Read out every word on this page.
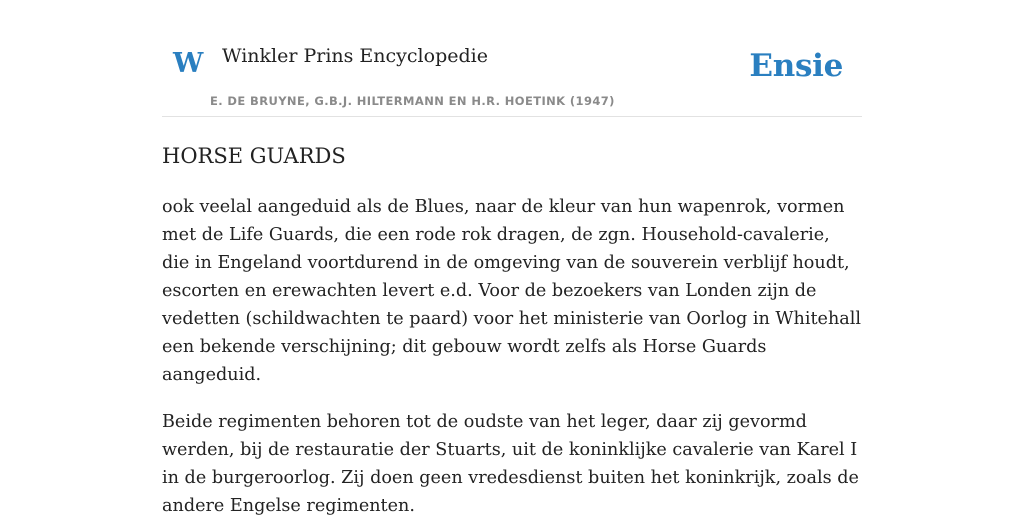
W Winkler Prins Encyclopedie
E. DE BRUYNE, G.B.J. HILTERMANN EN H.R. HOETINK (1947)
Ensie
HORSE GUARDS

ook veelal aangeduid als de Blues, naar de kleur van hun wapenrok, vormen met de Life Guards, die een rode rok dragen, de zgn. Household-cavalerie, die in Engeland voortdurend in de omgeving van de souverein verblijf houdt, escorten en erewachten levert e.d. Voor de bezoekers van Londen zijn de vedetten (schildwachten te paard) voor het ministerie van Oorlog in Whitehall een bekende verschijning; dit gebouw wordt zelfs als Horse Guards aangeduid.

Beide regimenten behoren tot de oudste van het leger, daar zij gevormd werden, bij de restauratie der Stuarts, uit de koninklijke cavalerie van Karel I in de burgeroorlog. Zij doen geen vredesdienst buiten het koninkrijk, zoals de andere Engelse regimenten.
